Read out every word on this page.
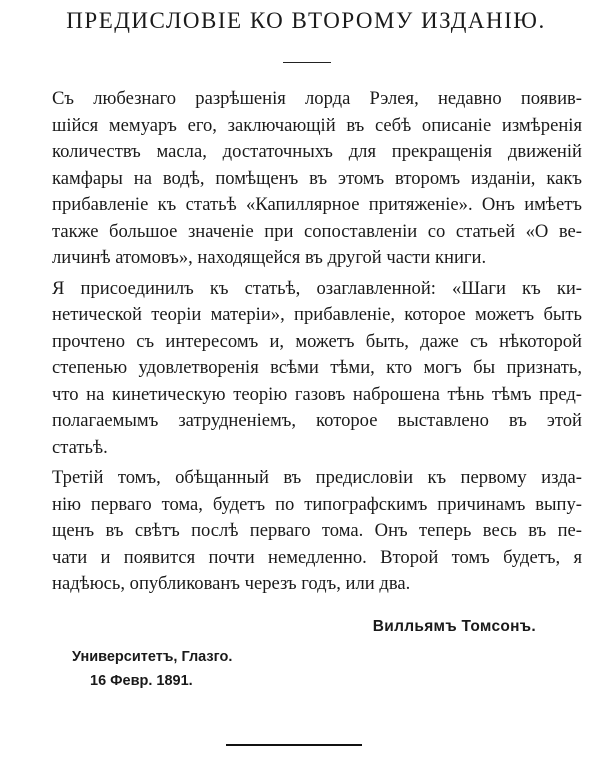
ПРЕДИСЛОВІЕ КО ВТОРОМУ ИЗДАНІЮ.
Съ любезнаго разрѣшенія лорда Рэлея, недавно появив-
шійся мемуаръ его, заключающій въ себѣ описаніе измѣренія
количествъ масла, достаточныхъ для прекращенія движеній
камфары на водѣ, помѣщенъ въ этомъ второмъ изданіи, какъ
прибавленіе къ статьѣ «Капиллярное притяженіе». Онъ имѣетъ
также большое значеніе при сопоставленіи со статьей «О ве-
личинѣ атомовъ», находящейся въ другой части книги.
Я присоединилъ къ статьѣ, озаглавленной: «Шаги къ ки-
нетической теоріи матеріи», прибавленіе, которое можетъ быть
прочтено съ интересомъ и, можетъ быть, даже съ нѣкоторой
степенью удовлетворенія всѣми тѣми, кто могъ бы признать,
что на кинетическую теорію газовъ наброшена тѣнь тѣмъ пред-
полагаемымъ затрудненіемъ, которое выставлено въ этой
статьѣ.
Третій томъ, обѣщанный въ предисловіи къ первому изда-
нію перваго тома, будетъ по типографскимъ причинамъ выпу-
щенъ въ свѣтъ послѣ перваго тома. Онъ теперь весь въ пе-
чати и появится почти немедленно. Второй томъ будетъ, я
надѣюсь, опубликованъ черезъ годъ, или два.
Вилльямъ Томсонъ.
Университетъ, Глазго.
16 Февр. 1891.
